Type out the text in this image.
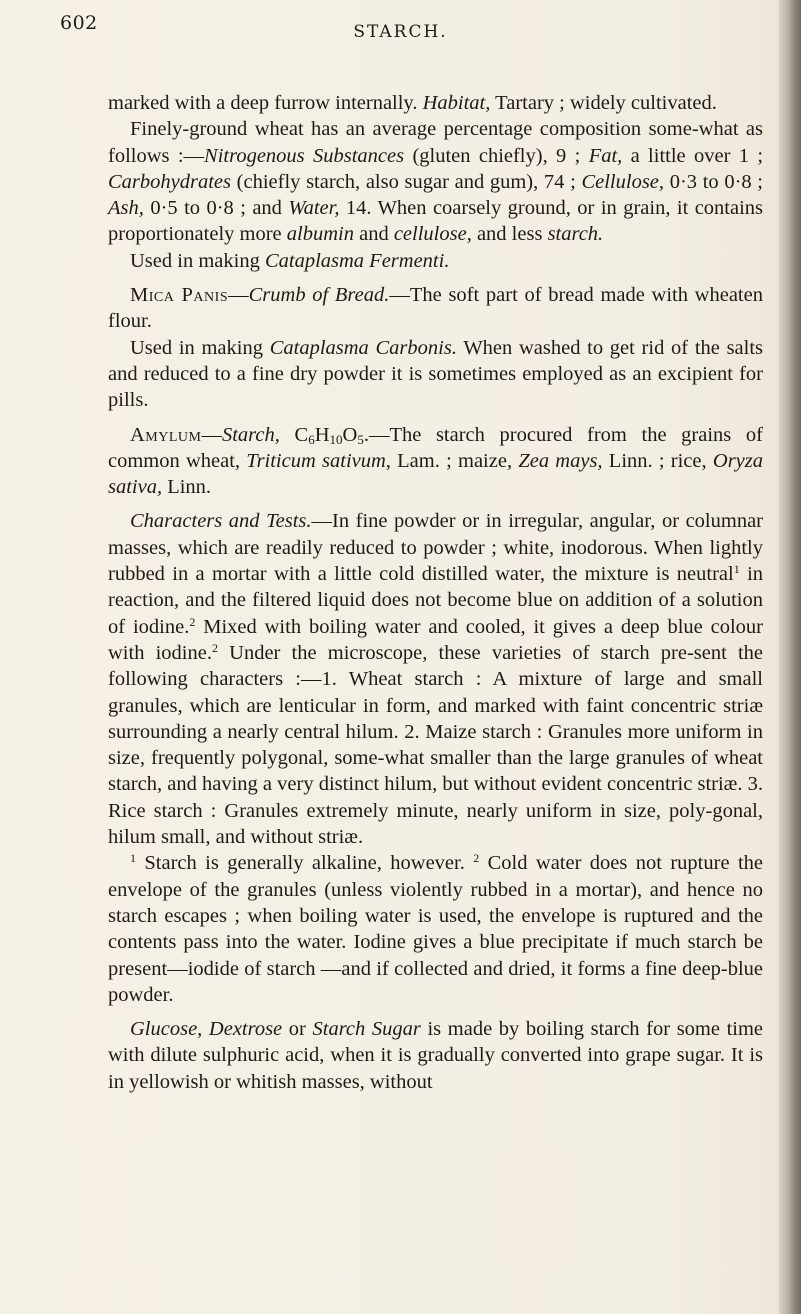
602	STARCH.

marked with a deep furrow internally. Habitat, Tartary ; widely cultivated.

Finely-ground wheat has an average percentage composition some-what as follows :—Nitrogenous Substances (gluten chiefly), 9 ; Fat, a little over 1 ; Carbohydrates (chiefly starch, also sugar and gum), 74 ; Cellulose, 0·3 to 0·8 ; Ash, 0·5 to 0·8 ; and Water, 14. When coarsely ground, or in grain, it contains proportionately more albumin and cellulose, and less starch.

Used in making Cataplasma Fermenti.

Mica Panis—Crumb of Bread.—The soft part of bread made with wheaten flour.

Used in making Cataplasma Carbonis. When washed to get rid of the salts and reduced to a fine dry powder it is sometimes employed as an excipient for pills.

Amylum—Starch, $C_6H_{10}O_5.—The$ starch procured from the grains of common wheat, Triticum sativum, Lam. ; maize, Zea mays, Linn. ; rice, Oryza sativa, Linn.

Characters and Tests.—In fine powder or in irregular, angular, or columnar masses, which are readily reduced to powder ; white, inodorous. When lightly rubbed in a mortar with a little cold distilled water, the mixture is neutral$^1$ in reaction, and the filtered liquid does not become blue on addition of a solution of iodine.$^2$ Mixed with boiling water and cooled, it gives a deep blue colour with iodine.$^2$ Under the microscope, these varieties of starch pre-sent the following characters :—1. Wheat starch : A mixture of large and small granules, which are lenticular in form, and marked with faint concentric striæ surrounding a nearly central hilum. 2. Maize starch : Granules more uniform in size, frequently polygonal, some-what smaller than the large granules of wheat starch, and having a very distinct hilum, but without evident concentric striæ. 3. Rice starch : Granules extremely minute, nearly uniform in size, poly-gonal, hilum small, and without striæ.

$^1$ Starch is generally alkaline, however. $^2$ Cold water does not rupture the envelope of the granules (unless violently rubbed in a mortar), and hence no starch escapes ; when boiling water is used, the envelope is ruptured and the contents pass into the water. Iodine gives a blue precipitate if much starch be present—iodide of starch —and if collected and dried, it forms a fine deep-blue powder.

Glucose, Dextrose or Starch Sugar is made by boiling starch for some time with dilute sulphuric acid, when it is gradually converted into grape sugar. It is in yellowish or whitish masses, without
